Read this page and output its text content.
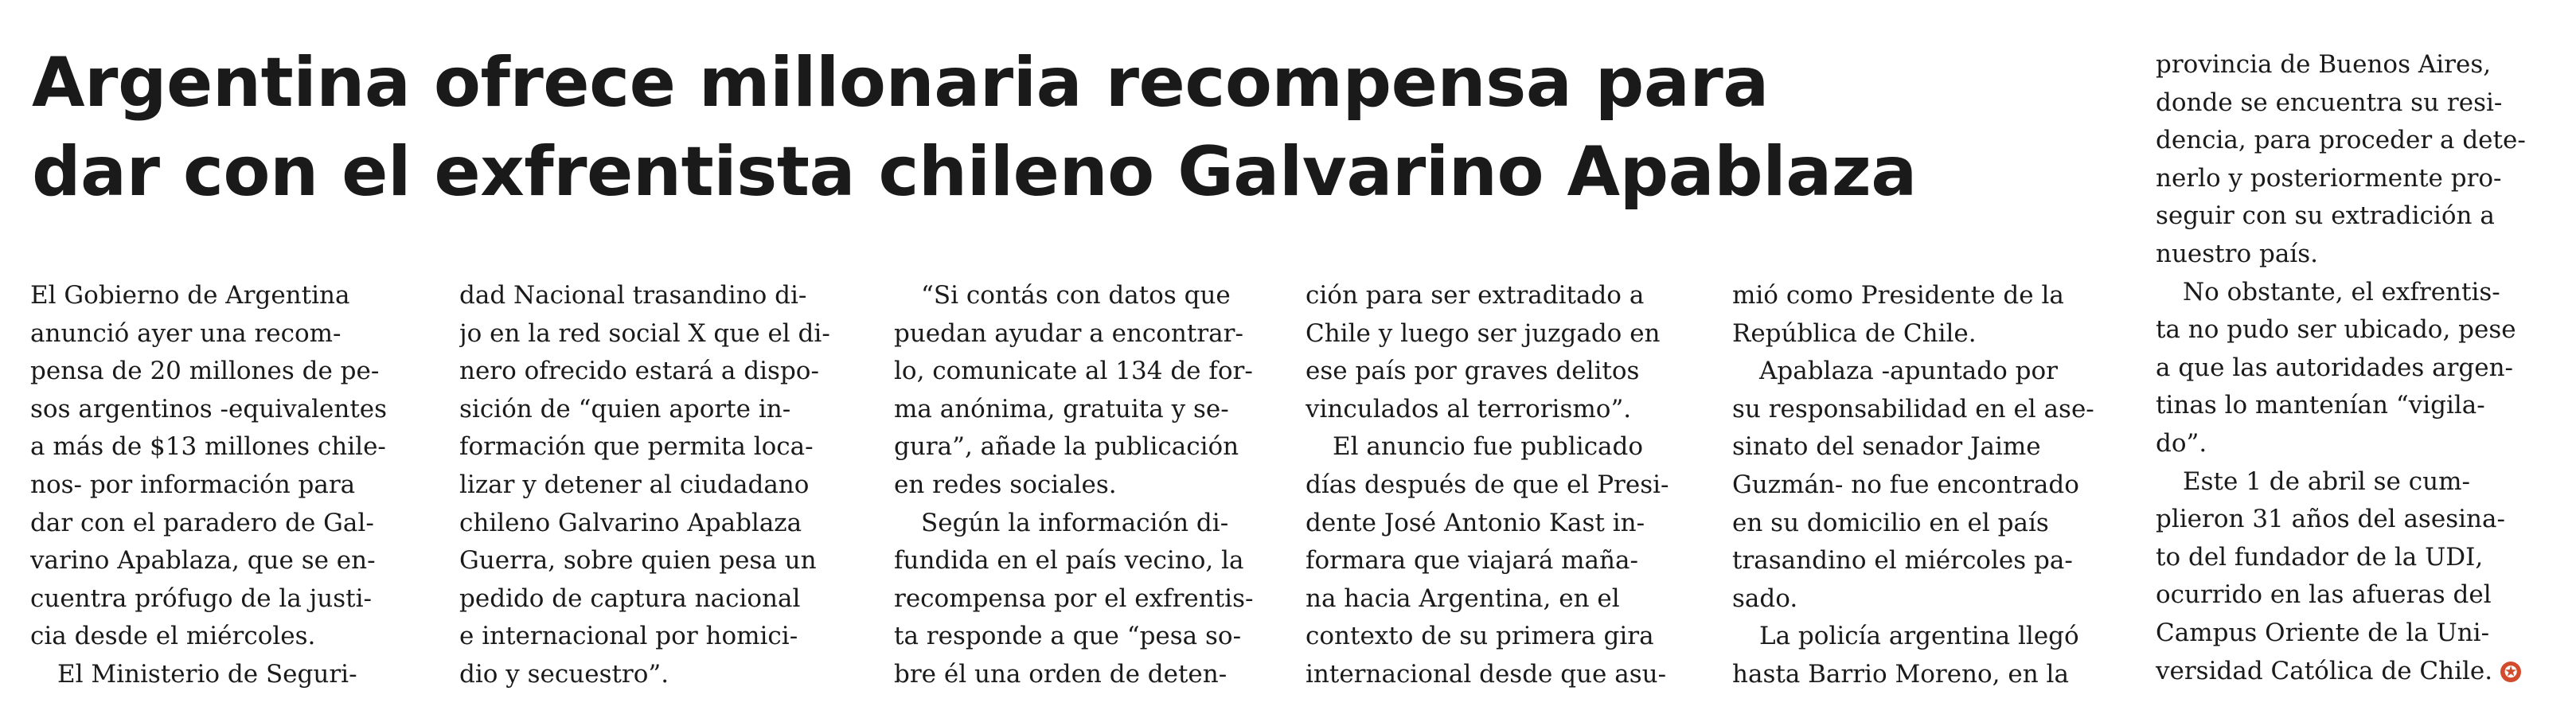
Argentina ofrece millonaria recompensa para
dar con el exfrentista chileno Galvarino Apablaza
El Gobierno de Argentina
anunció ayer una recom-
pensa de 20 millones de pe-
sos argentinos -equivalentes
a más de $13 millones chile-
nos- por información para
dar con el paradero de Gal-
varino Apablaza, que se en-
cuentra prófugo de la justi-
cia desde el miércoles.
El Ministerio de Seguri-
dad Nacional trasandino di-
jo en la red social X que el di-
nero ofrecido estará a dispo-
sición de “quien aporte in-
formación que permita loca-
lizar y detener al ciudadano
chileno Galvarino Apablaza
Guerra, sobre quien pesa un
pedido de captura nacional
e internacional por homici-
dio y secuestro”.
“Si contás con datos que
puedan ayudar a encontrar-
lo, comunicate al 134 de for-
ma anónima, gratuita y se-
gura”, añade la publicación
en redes sociales.
Según la información di-
fundida en el país vecino, la
recompensa por el exfrentis-
ta responde a que “pesa so-
bre él una orden de deten-
ción para ser extraditado a
Chile y luego ser juzgado en
ese país por graves delitos
vinculados al terrorismo”.
El anuncio fue publicado
días después de que el Presi-
dente José Antonio Kast in-
formara que viajará maña-
na hacia Argentina, en el
contexto de su primera gira
internacional desde que asu-
mió como Presidente de la
República de Chile.
Apablaza -apuntado por
su responsabilidad en el ase-
sinato del senador Jaime
Guzmán- no fue encontrado
en su domicilio en el país
trasandino el miércoles pa-
sado.
La policía argentina llegó
hasta Barrio Moreno, en la
provincia de Buenos Aires,
donde se encuentra su resi-
dencia, para proceder a dete-
nerlo y posteriormente pro-
seguir con su extradición a
nuestro país.
No obstante, el exfrentis-
ta no pudo ser ubicado, pese
a que las autoridades argen-
tinas lo mantenían “vigila-
do”.
Este 1 de abril se cum-
plieron 31 años del asesina-
to del fundador de la UDI,
ocurrido en las afueras del
Campus Oriente de la Uni-
versidad Católica de Chile. ✪
